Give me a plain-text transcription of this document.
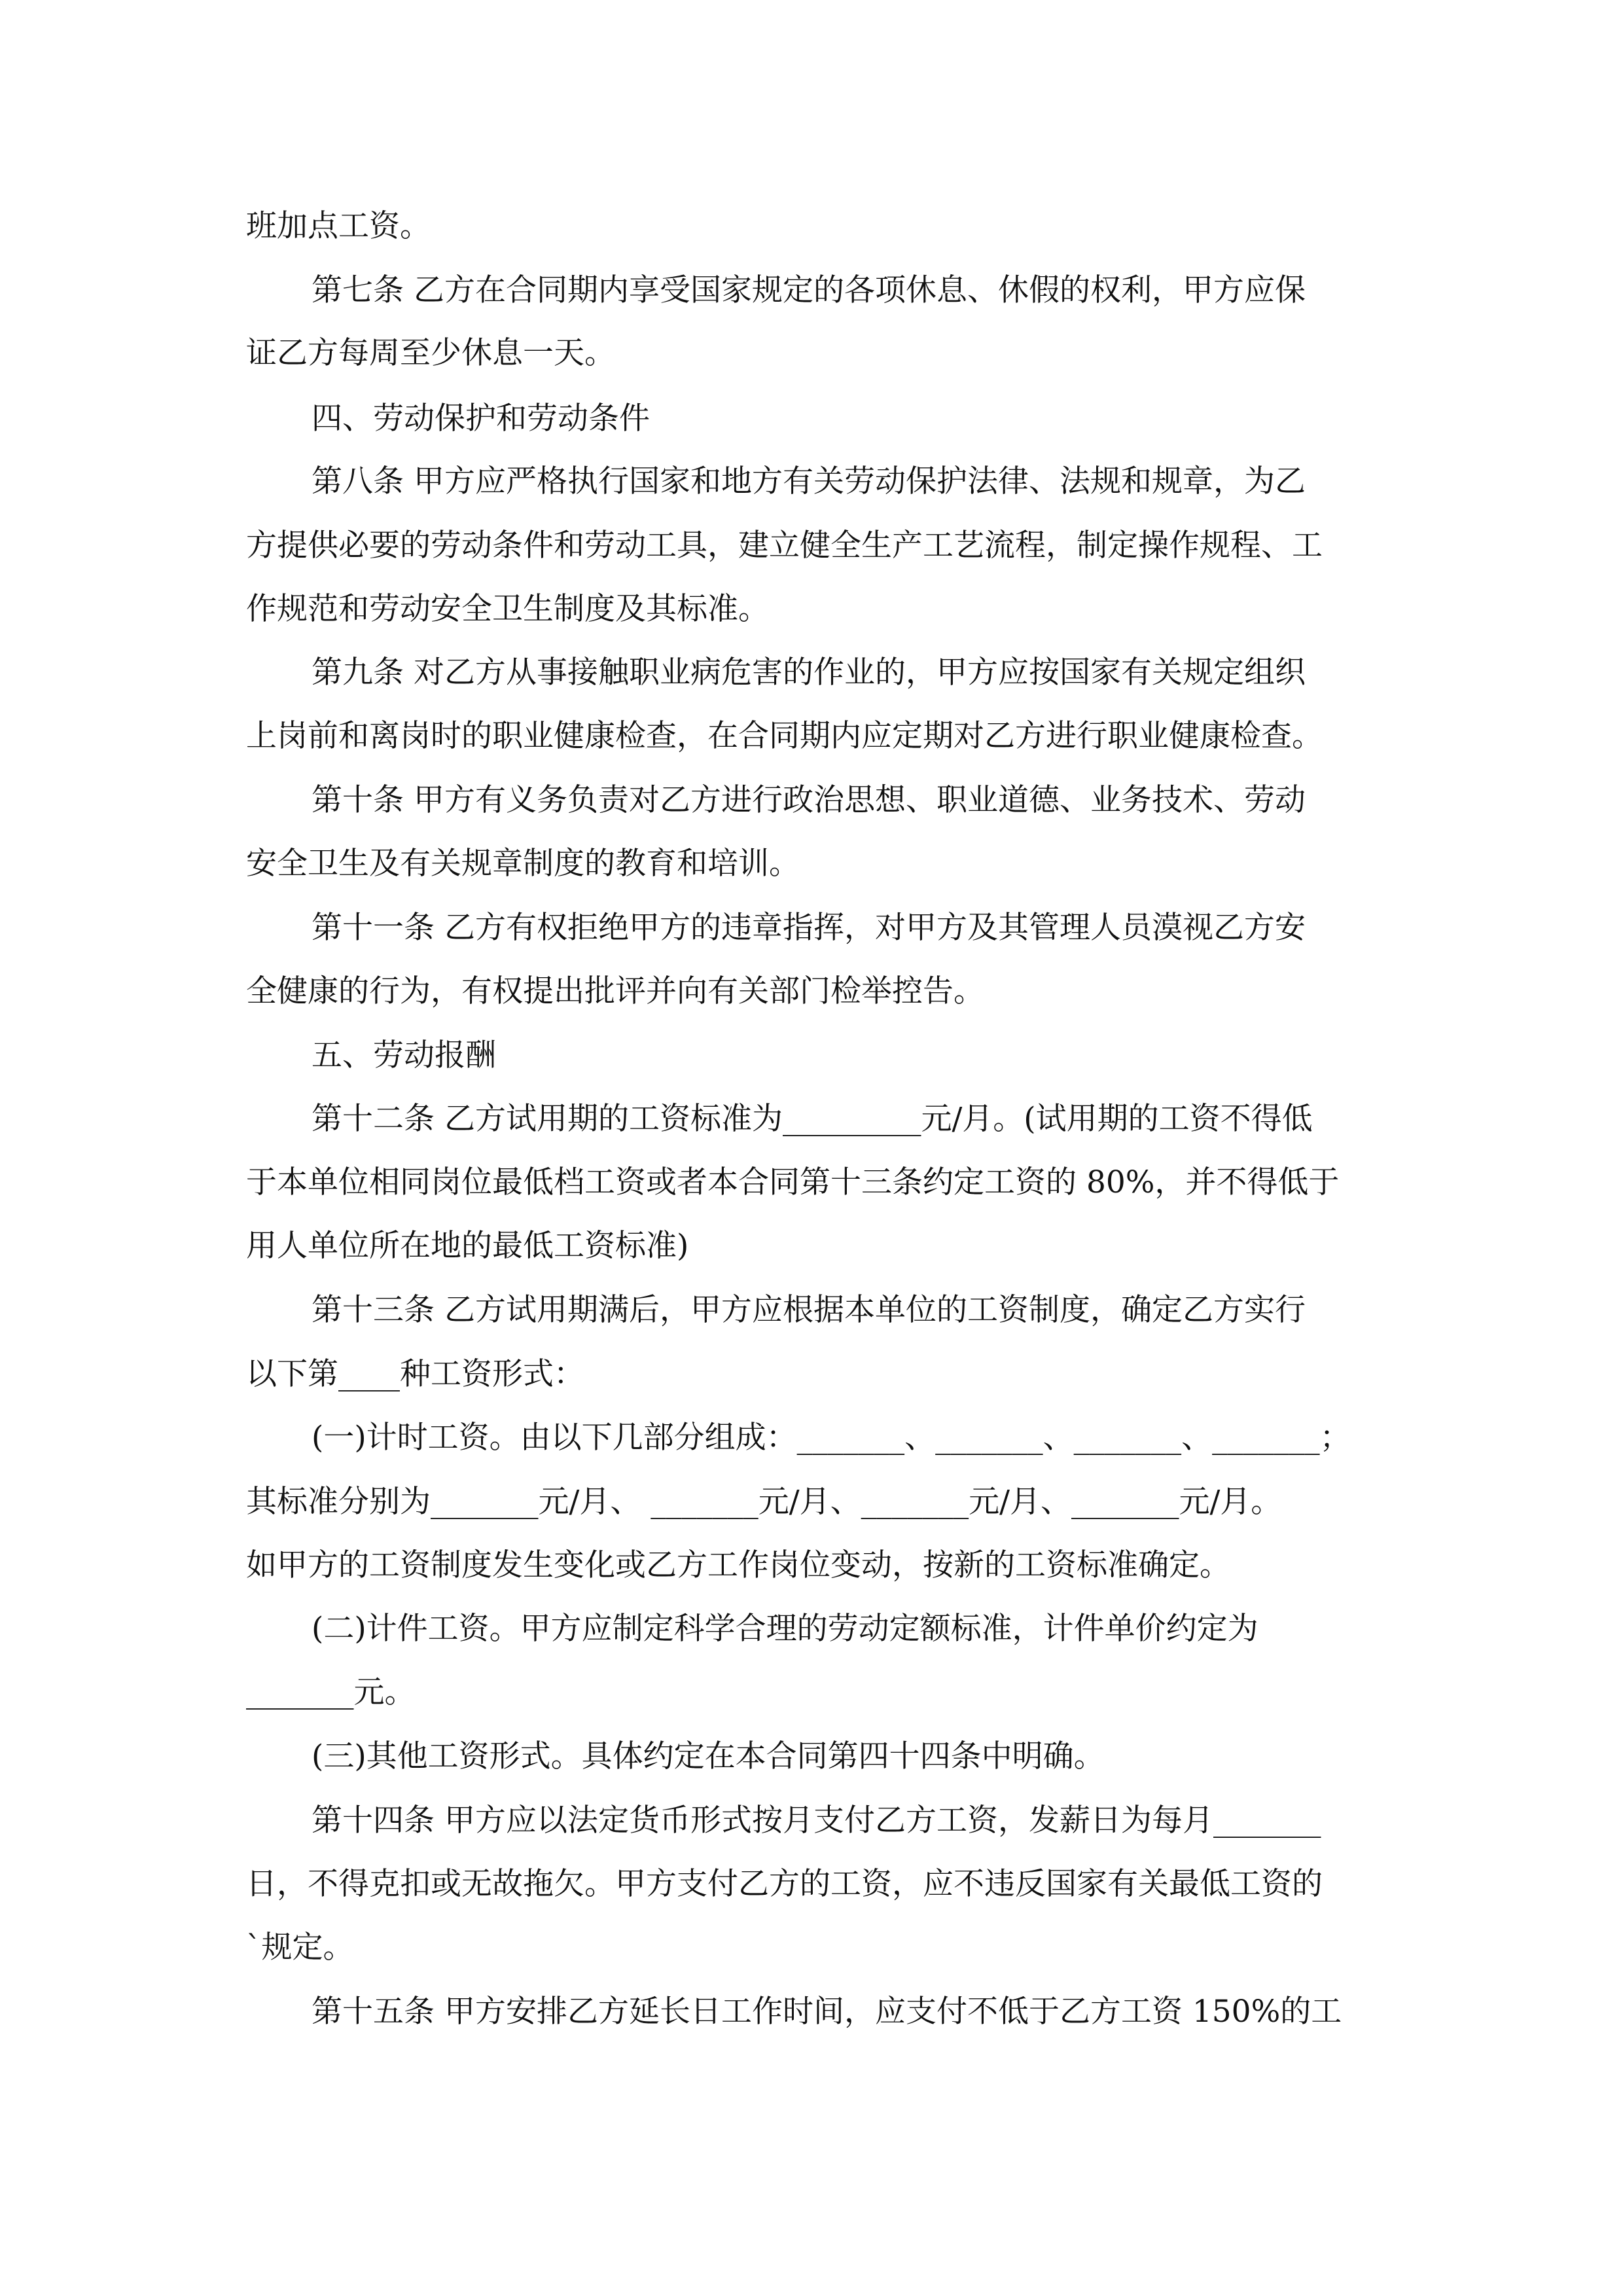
班加点工资。
第七条 乙方在合同期内享受国家规定的各项休息、休假的权利，甲方应保
证乙方每周至少休息一天。
四、劳动保护和劳动条件
第八条 甲方应严格执行国家和地方有关劳动保护法律、法规和规章，为乙
方提供必要的劳动条件和劳动工具，建立健全生产工艺流程，制定操作规程、工
作规范和劳动安全卫生制度及其标准。
第九条 对乙方从事接触职业病危害的作业的，甲方应按国家有关规定组织
上岗前和离岗时的职业健康检查，在合同期内应定期对乙方进行职业健康检查。
第十条 甲方有义务负责对乙方进行政治思想、职业道德、业务技术、劳动
安全卫生及有关规章制度的教育和培训。
第十一条 乙方有权拒绝甲方的违章指挥，对甲方及其管理人员漠视乙方安
全健康的行为，有权提出批评并向有关部门检举控告。
五、劳动报酬
第十二条 乙方试用期的工资标准为_________元/月。(试用期的工资不得低
于本单位相同岗位最低档工资或者本合同第十三条约定工资的 80%，并不得低于
用人单位所在地的最低工资标准)
第十三条 乙方试用期满后，甲方应根据本单位的工资制度，确定乙方实行
以下第____种工资形式：
(一)计时工资。由以下几部分组成：_______、_______、_______、_______；
其标准分别为_______元/月、 _______元/月、_______元/月、_______元/月。
如甲方的工资制度发生变化或乙方工作岗位变动，按新的工资标准确定。
(二)计件工资。甲方应制定科学合理的劳动定额标准，计件单价约定为
_______元。
(三)其他工资形式。具体约定在本合同第四十四条中明确。
第十四条 甲方应以法定货币形式按月支付乙方工资，发薪日为每月_______
日，不得克扣或无故拖欠。甲方支付乙方的工资，应不违反国家有关最低工资的
`规定。
第十五条 甲方安排乙方延长日工作时间，应支付不低于乙方工资 150%的工
